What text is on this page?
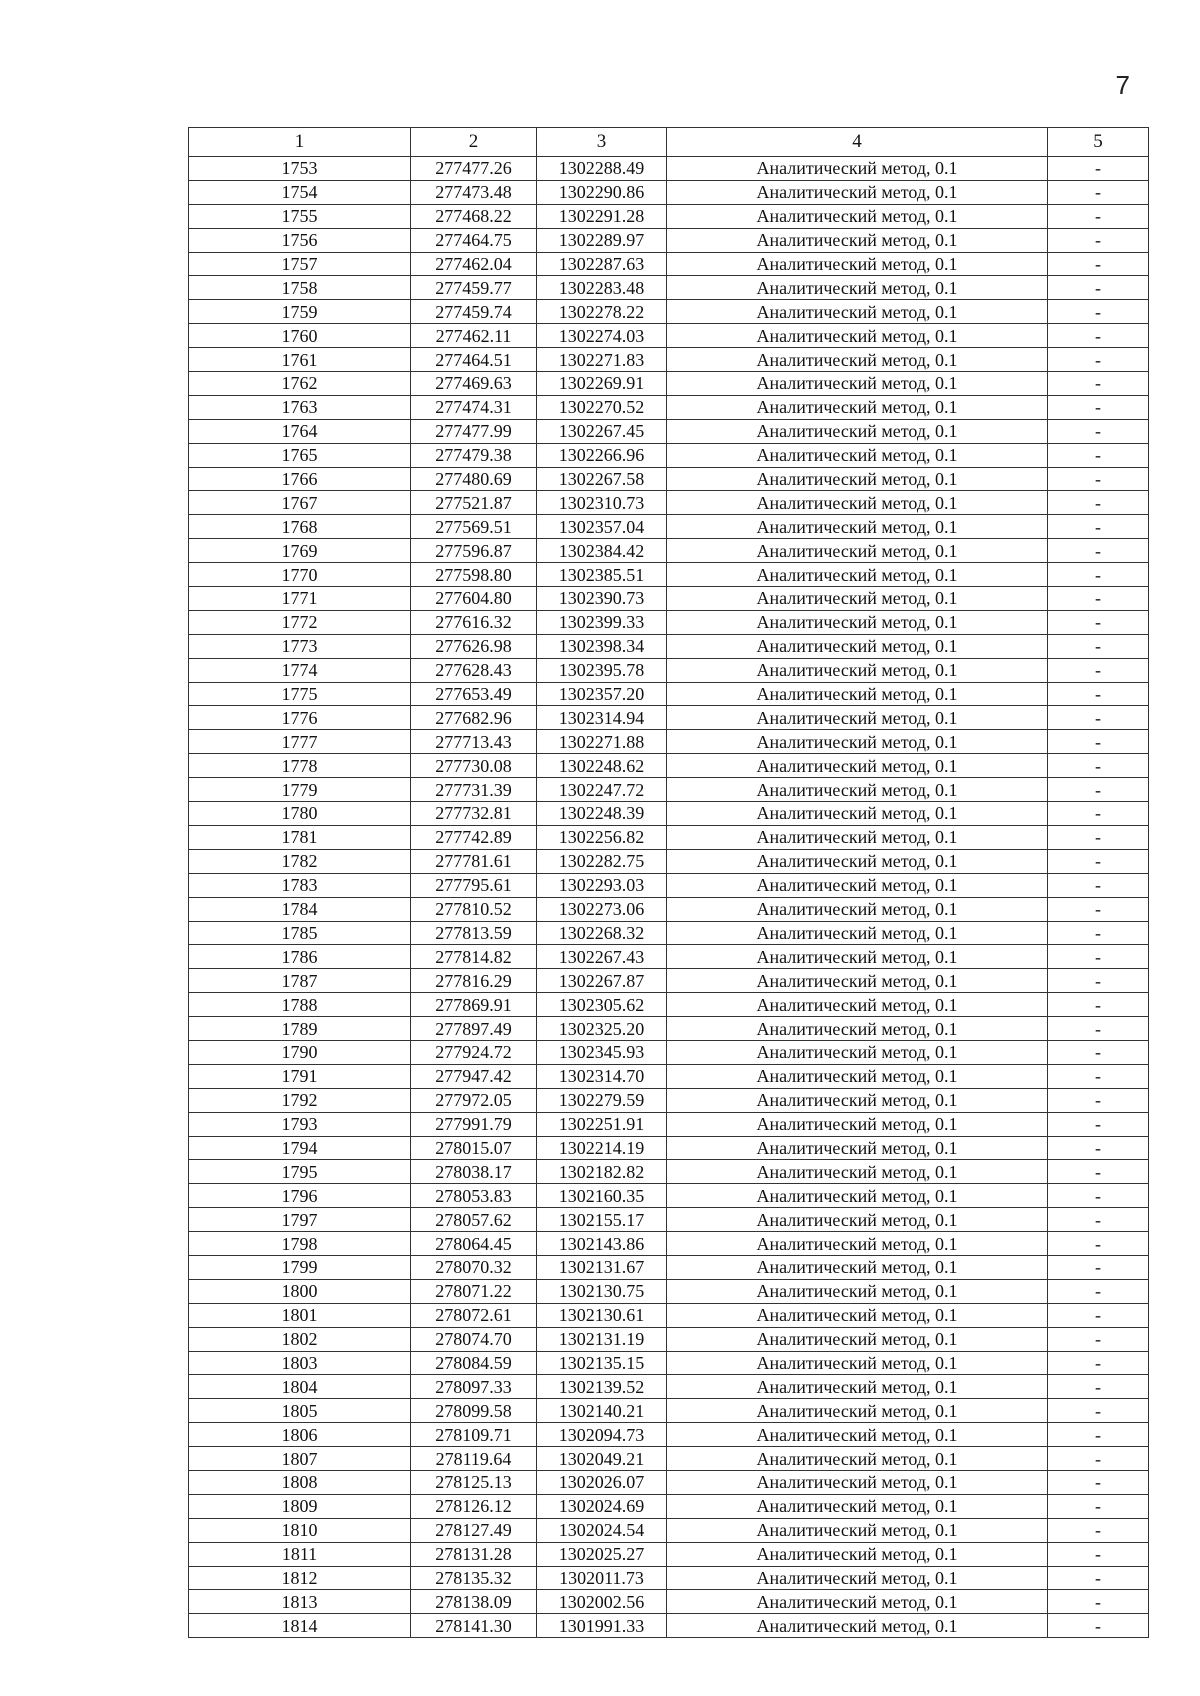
7
1	2	3	4	5
1753	277477.26	1302288.49	Аналитический метод, 0.1	-
1754	277473.48	1302290.86	Аналитический метод, 0.1	-
1755	277468.22	1302291.28	Аналитический метод, 0.1	-
1756	277464.75	1302289.97	Аналитический метод, 0.1	-
1757	277462.04	1302287.63	Аналитический метод, 0.1	-
1758	277459.77	1302283.48	Аналитический метод, 0.1	-
1759	277459.74	1302278.22	Аналитический метод, 0.1	-
1760	277462.11	1302274.03	Аналитический метод, 0.1	-
1761	277464.51	1302271.83	Аналитический метод, 0.1	-
1762	277469.63	1302269.91	Аналитический метод, 0.1	-
1763	277474.31	1302270.52	Аналитический метод, 0.1	-
1764	277477.99	1302267.45	Аналитический метод, 0.1	-
1765	277479.38	1302266.96	Аналитический метод, 0.1	-
1766	277480.69	1302267.58	Аналитический метод, 0.1	-
1767	277521.87	1302310.73	Аналитический метод, 0.1	-
1768	277569.51	1302357.04	Аналитический метод, 0.1	-
1769	277596.87	1302384.42	Аналитический метод, 0.1	-
1770	277598.80	1302385.51	Аналитический метод, 0.1	-
1771	277604.80	1302390.73	Аналитический метод, 0.1	-
1772	277616.32	1302399.33	Аналитический метод, 0.1	-
1773	277626.98	1302398.34	Аналитический метод, 0.1	-
1774	277628.43	1302395.78	Аналитический метод, 0.1	-
1775	277653.49	1302357.20	Аналитический метод, 0.1	-
1776	277682.96	1302314.94	Аналитический метод, 0.1	-
1777	277713.43	1302271.88	Аналитический метод, 0.1	-
1778	277730.08	1302248.62	Аналитический метод, 0.1	-
1779	277731.39	1302247.72	Аналитический метод, 0.1	-
1780	277732.81	1302248.39	Аналитический метод, 0.1	-
1781	277742.89	1302256.82	Аналитический метод, 0.1	-
1782	277781.61	1302282.75	Аналитический метод, 0.1	-
1783	277795.61	1302293.03	Аналитический метод, 0.1	-
1784	277810.52	1302273.06	Аналитический метод, 0.1	-
1785	277813.59	1302268.32	Аналитический метод, 0.1	-
1786	277814.82	1302267.43	Аналитический метод, 0.1	-
1787	277816.29	1302267.87	Аналитический метод, 0.1	-
1788	277869.91	1302305.62	Аналитический метод, 0.1	-
1789	277897.49	1302325.20	Аналитический метод, 0.1	-
1790	277924.72	1302345.93	Аналитический метод, 0.1	-
1791	277947.42	1302314.70	Аналитический метод, 0.1	-
1792	277972.05	1302279.59	Аналитический метод, 0.1	-
1793	277991.79	1302251.91	Аналитический метод, 0.1	-
1794	278015.07	1302214.19	Аналитический метод, 0.1	-
1795	278038.17	1302182.82	Аналитический метод, 0.1	-
1796	278053.83	1302160.35	Аналитический метод, 0.1	-
1797	278057.62	1302155.17	Аналитический метод, 0.1	-
1798	278064.45	1302143.86	Аналитический метод, 0.1	-
1799	278070.32	1302131.67	Аналитический метод, 0.1	-
1800	278071.22	1302130.75	Аналитический метод, 0.1	-
1801	278072.61	1302130.61	Аналитический метод, 0.1	-
1802	278074.70	1302131.19	Аналитический метод, 0.1	-
1803	278084.59	1302135.15	Аналитический метод, 0.1	-
1804	278097.33	1302139.52	Аналитический метод, 0.1	-
1805	278099.58	1302140.21	Аналитический метод, 0.1	-
1806	278109.71	1302094.73	Аналитический метод, 0.1	-
1807	278119.64	1302049.21	Аналитический метод, 0.1	-
1808	278125.13	1302026.07	Аналитический метод, 0.1	-
1809	278126.12	1302024.69	Аналитический метод, 0.1	-
1810	278127.49	1302024.54	Аналитический метод, 0.1	-
1811	278131.28	1302025.27	Аналитический метод, 0.1	-
1812	278135.32	1302011.73	Аналитический метод, 0.1	-
1813	278138.09	1302002.56	Аналитический метод, 0.1	-
1814	278141.30	1301991.33	Аналитический метод, 0.1	-
